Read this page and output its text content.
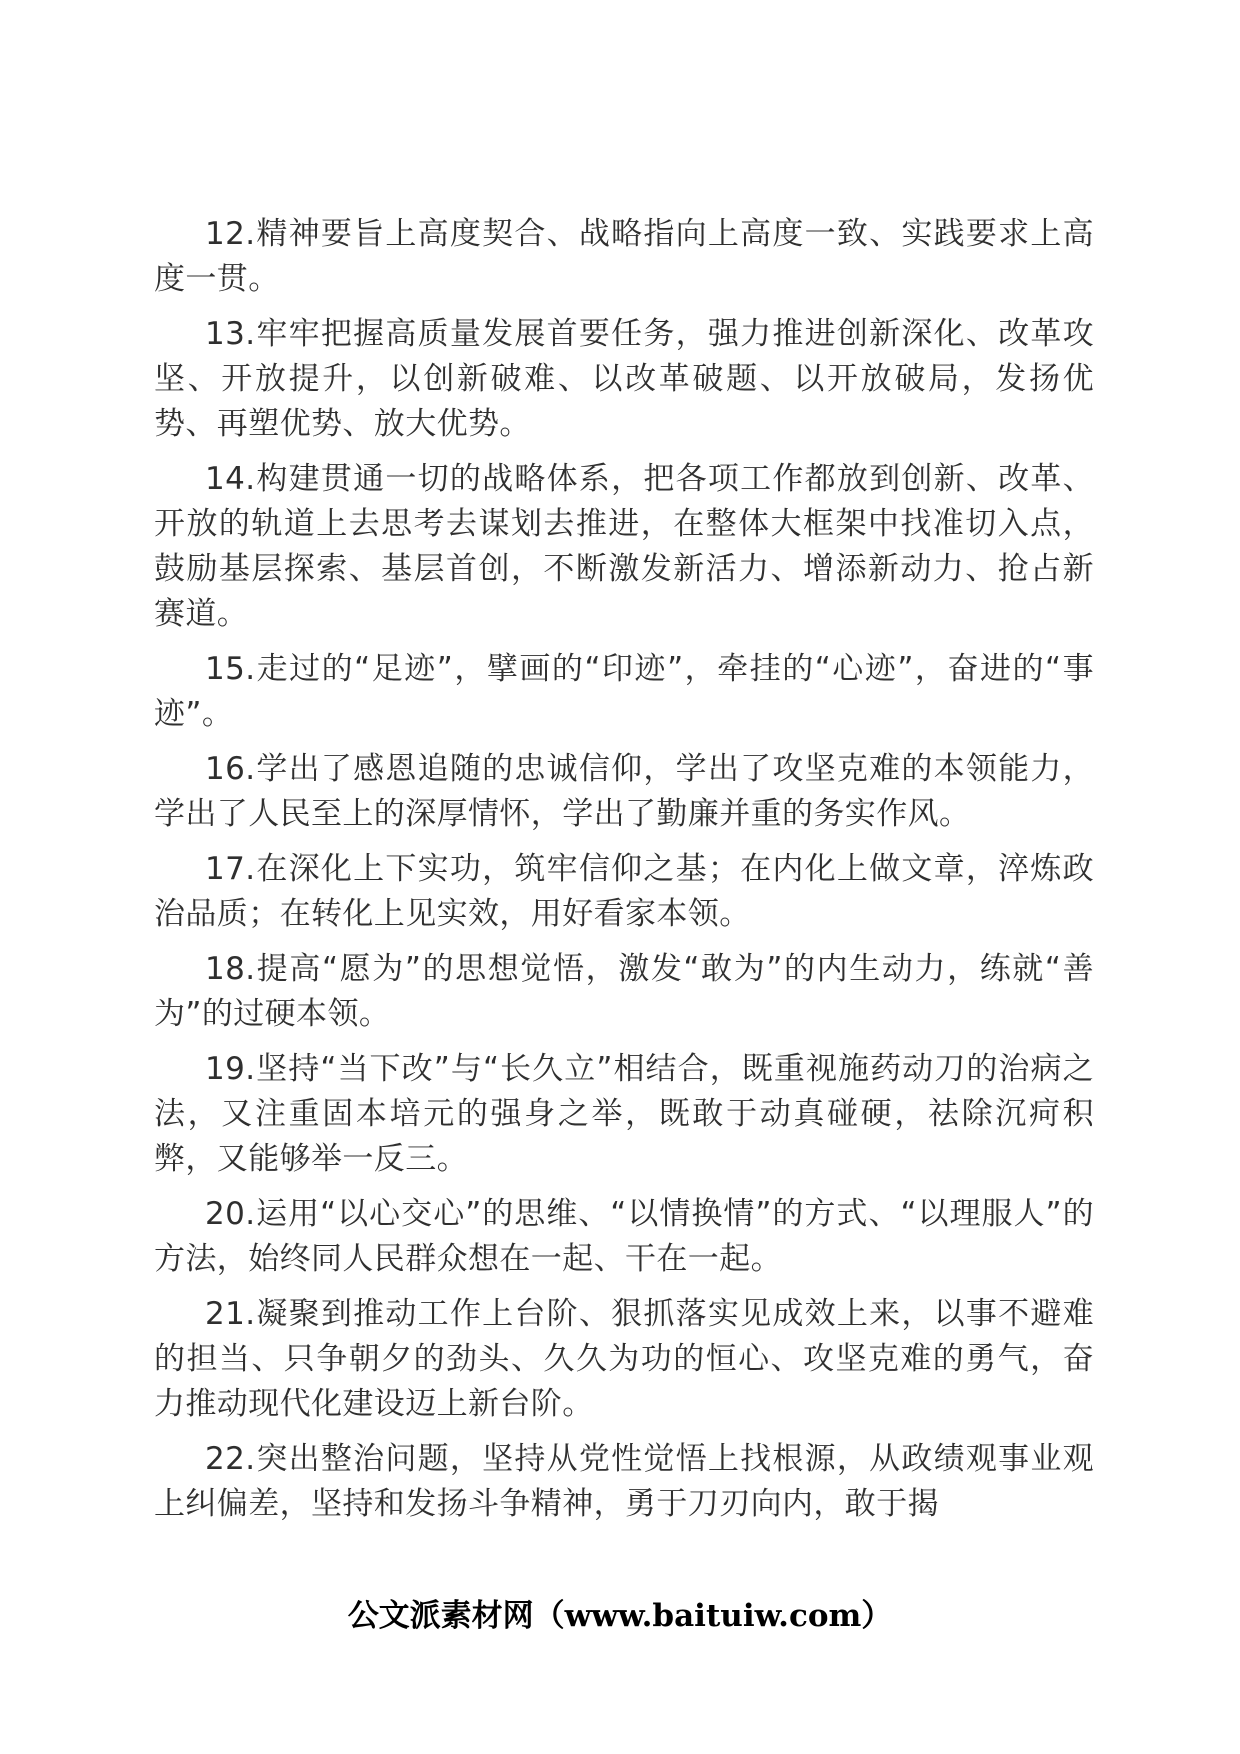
12.精神要旨上高度契合、战略指向上高度一致、实践要求上高度一贯。

13.牢牢把握高质量发展首要任务，强力推进创新深化、改革攻坚、开放提升，以创新破难、以改革破题、以开放破局，发扬优势、再塑优势、放大优势。

14.构建贯通一切的战略体系，把各项工作都放到创新、改革、开放的轨道上去思考去谋划去推进，在整体大框架中找准切入点，鼓励基层探索、基层首创，不断激发新活力、增添新动力、抢占新赛道。

15.走过的“足迹”，擘画的“印迹”，牵挂的“心迹”，奋进的“事迹”。

16.学出了感恩追随的忠诚信仰，学出了攻坚克难的本领能力，学出了人民至上的深厚情怀，学出了勤廉并重的务实作风。

17.在深化上下实功，筑牢信仰之基；在内化上做文章，淬炼政治品质；在转化上见实效，用好看家本领。

18.提高“愿为”的思想觉悟，激发“敢为”的内生动力，练就“善为”的过硬本领。

19.坚持“当下改”与“长久立”相结合，既重视施药动刀的治病之法，又注重固本培元的强身之举，既敢于动真碰硬，祛除沉疴积弊，又能够举一反三。

20.运用“以心交心”的思维、“以情换情”的方式、“以理服人”的方法，始终同人民群众想在一起、干在一起。

21.凝聚到推动工作上台阶、狠抓落实见成效上来，以事不避难的担当、只争朝夕的劲头、久久为功的恒心、攻坚克难的勇气，奋力推动现代化建设迈上新台阶。

22.突出整治问题，坚持从党性觉悟上找根源，从政绩观事业观上纠偏差，坚持和发扬斗争精神，勇于刀刃向内，敢于揭

公文派素材网（www.baituiw.com）
